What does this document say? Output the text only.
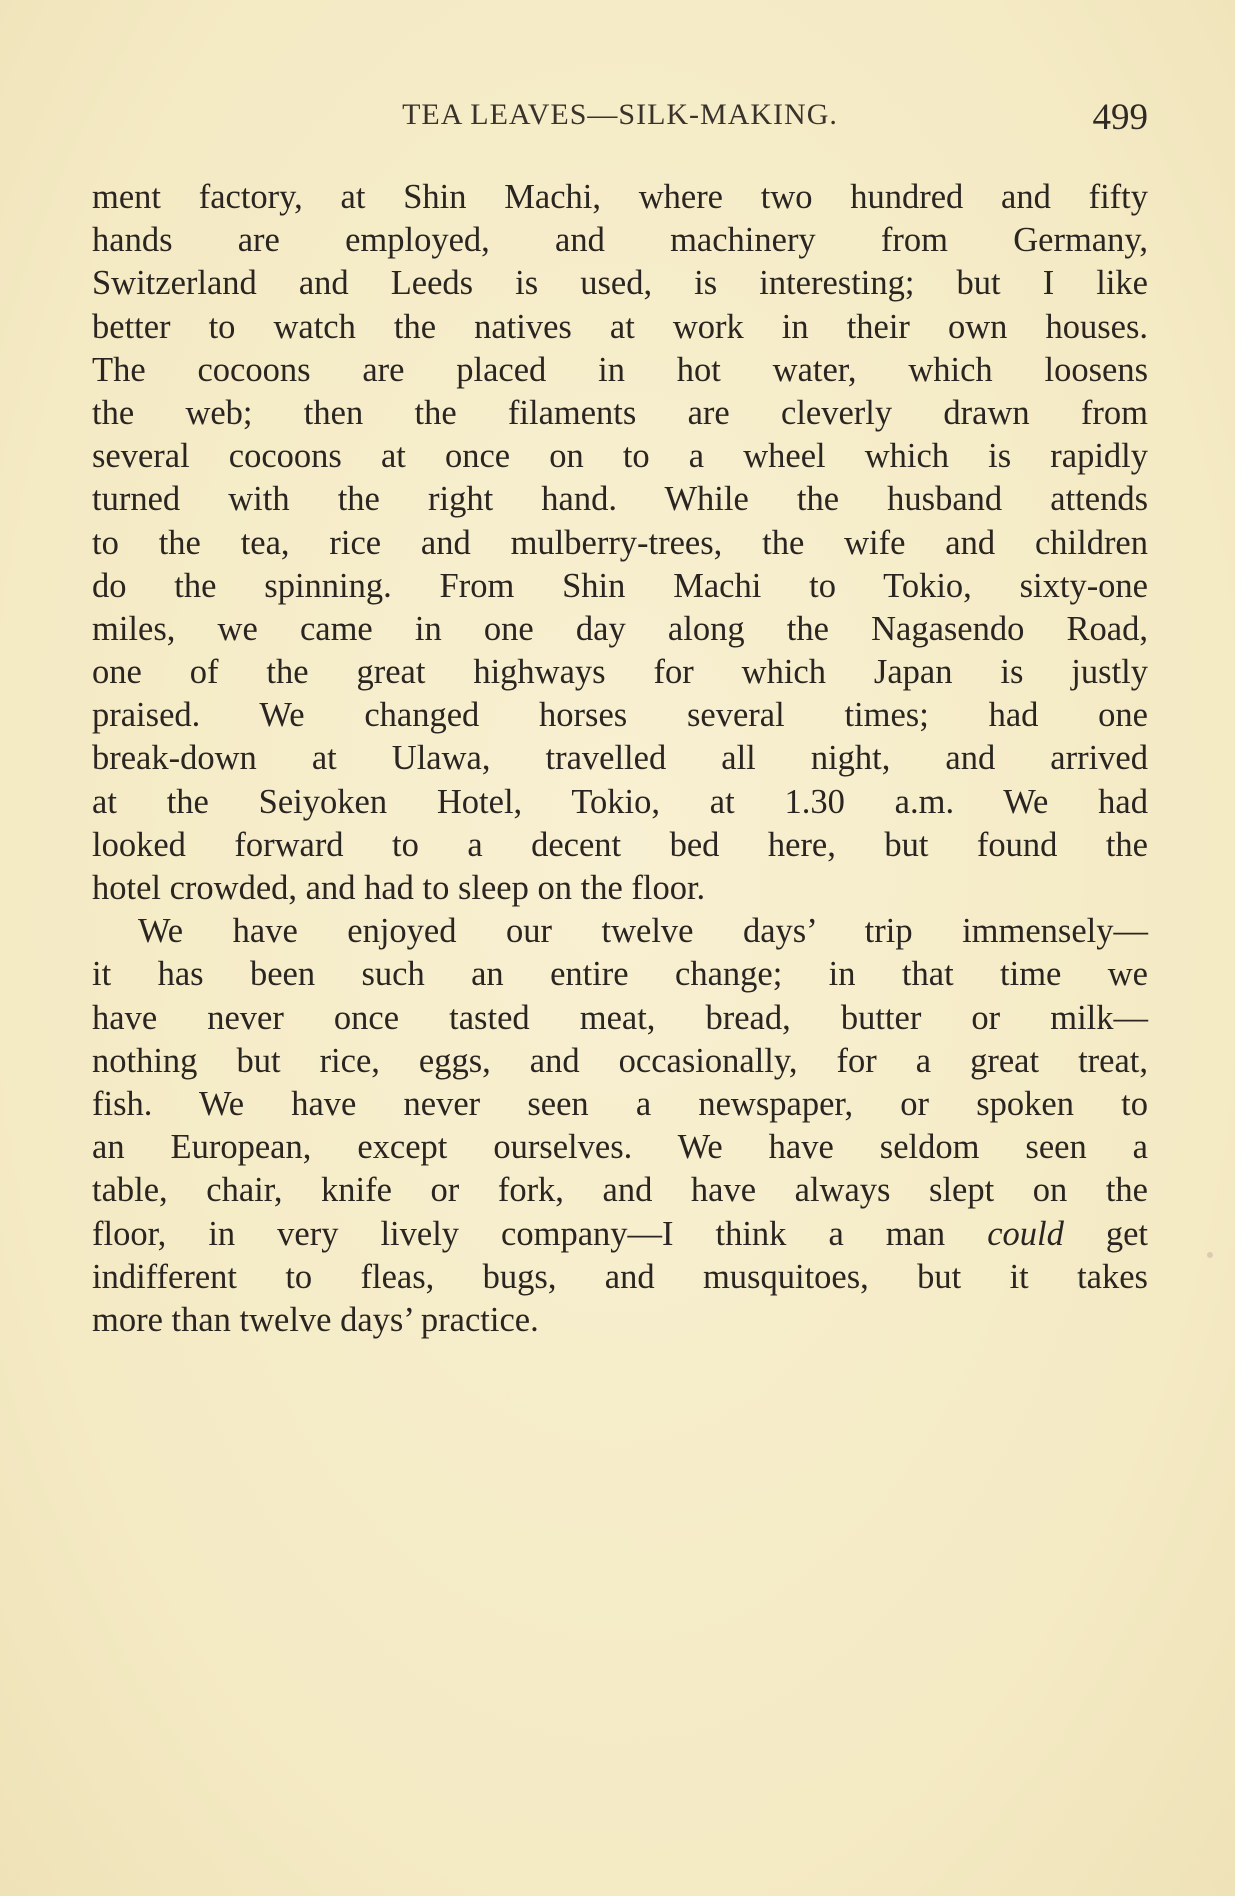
TEA LEAVES—SILK-MAKING.	499
ment factory, at Shin Machi, where two hundred and fifty
hands are employed, and machinery from Germany,
Switzerland and Leeds is used, is interesting; but I like
better to watch the natives at work in their own houses.
The cocoons are placed in hot water, which loosens
the web; then the filaments are cleverly drawn from
several cocoons at once on to a wheel which is rapidly
turned with the right hand. While the husband attends
to the tea, rice and mulberry-trees, the wife and children
do the spinning. From Shin Machi to Tokio, sixty-one
miles, we came in one day along the Nagasendo Road,
one of the great highways for which Japan is justly
praised. We changed horses several times; had one
break-down at Ulawa, travelled all night, and arrived
at the Seiyoken Hotel, Tokio, at 1.30 a.m. We had
looked forward to a decent bed here, but found the
hotel crowded, and had to sleep on the floor.
We have enjoyed our twelve days’ trip immensely—
it has been such an entire change; in that time we
have never once tasted meat, bread, butter or milk—
nothing but rice, eggs, and occasionally, for a great treat,
fish. We have never seen a newspaper, or spoken to
an European, except ourselves. We have seldom seen a
table, chair, knife or fork, and have always slept on the
floor, in very lively company—I think a man could get
indifferent to fleas, bugs, and musquitoes, but it takes
more than twelve days’ practice.
